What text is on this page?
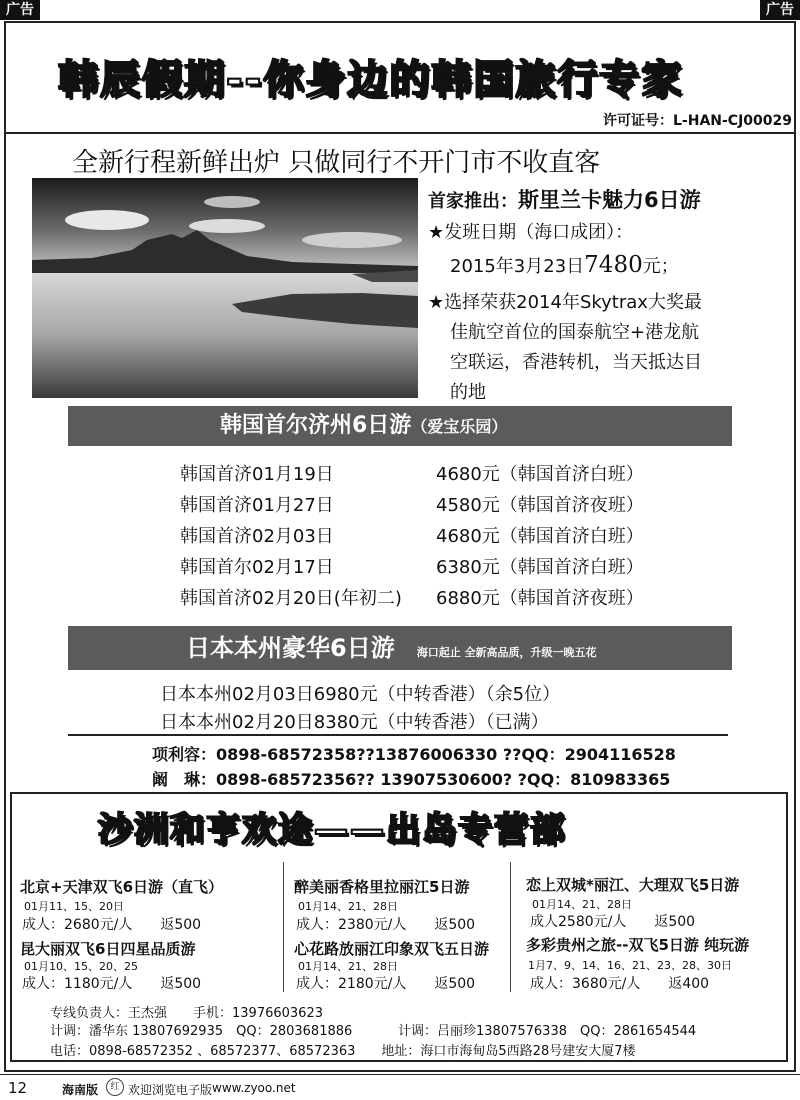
广告	广告
韩辰假期--你身边的韩国旅行专家
许可证号：L-HAN-CJ00029
全新行程新鲜出炉 只做同行不开门市不收直客
首家推出：斯里兰卡魅力6日游
★发班日期（海口成团）：
2015年3月23日7480元；
★选择荣获2014年Skytrax大奖最
佳航空首位的国泰航空+港龙航
空联运，香港转机，当天抵达目
的地
韩国首尔济州6日游（爱宝乐园）
韩国首济01月19日	4680元（韩国首济白班）
韩国首济01月27日	4580元（韩国首济夜班）
韩国首济02月03日	4680元（韩国首济白班）
韩国首尔02月17日	6380元（韩国首济白班）
韩国首济02月20日(年初二) 6880元（韩国首济夜班）
日本本州豪华6日游 海口起止 全新高品质，升级一晚五花
日本本州02月03日6980元（中转香港）（余5位）
日本本州02月20日8380元（中转香港）（已满）
项利容：0898-68572358??13876006330 ??QQ：2904116528
阚　琳：0898-68572356?? 13907530600? ?QQ：810983365
沙洲和亨欢途——出岛专营部
北京+天津双飞6日游（直飞）
01月11、15、20日
成人：2680元/人　　返500
昆大丽双飞6日四星品质游
01月10、15、20、25
成人：1180元/人　　返500
醉美丽香格里拉丽江5日游
01月14、21、28日
成人：2380元/人　　返500
心花路放丽江印象双飞五日游
01月14、21、28日
成人：2180元/人　　返500
恋上双城*丽江、大理双飞5日游
01月14、21、28日
成人2580元/人　　返500
多彩贵州之旅--双飞5日游 纯玩游
1月7、9、14、16、21、23、28、30日
成人：3680元/人　　返400
专线负责人：王杰强　　手机：13976603623
计调：潘华东 13807692935　QQ：2803681886	计调：吕丽珍13807576338　QQ：2861654544
电话：0898-68572352 、68572377、68572363　　地址：海口市海甸岛5西路28号建安大厦7楼
12	海南版	红 欢迎浏览电子版 www.zyoo.net
